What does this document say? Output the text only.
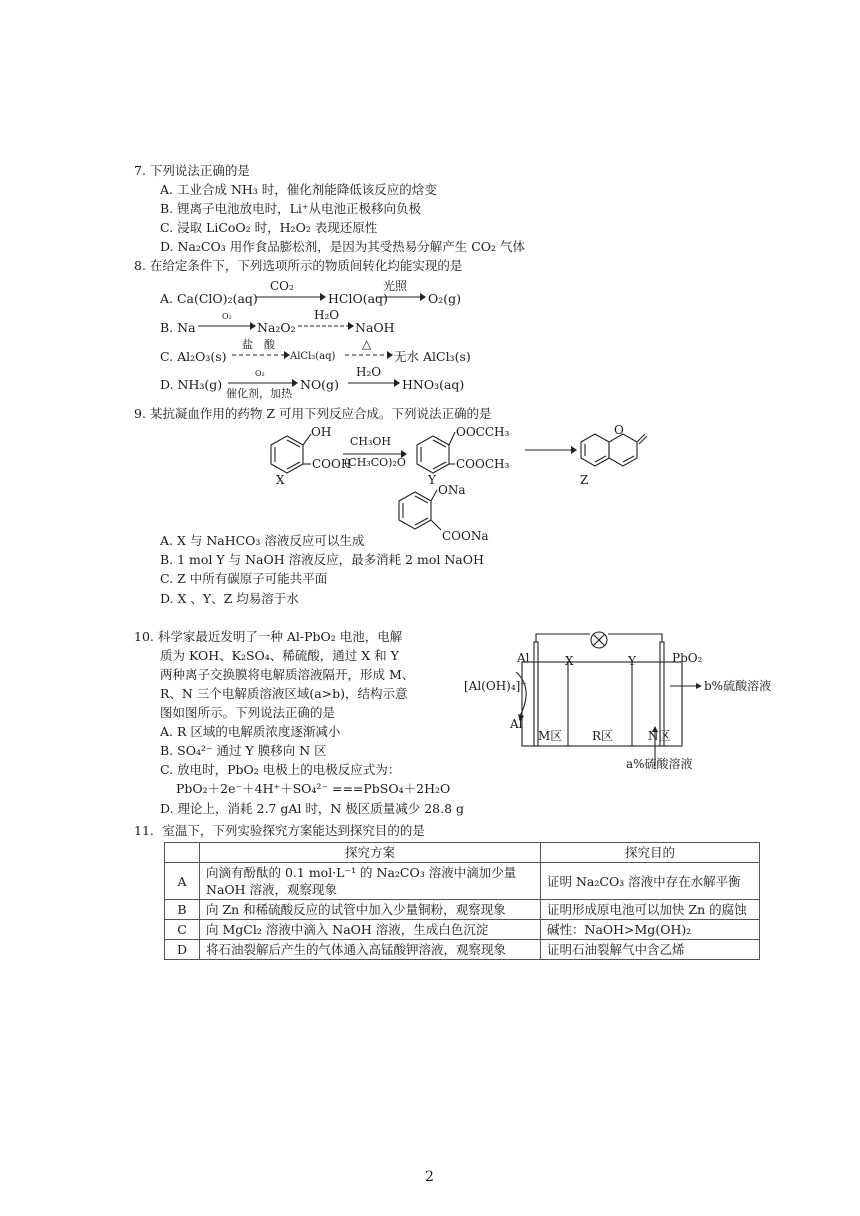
7. 下列说法正确的是
A. 工业合成 NH₃ 时，催化剂能降低该反应的焓变
B. 锂离子电池放电时，Li⁺从电池正极移向负极
C. 浸取 LiCoO₂ 时，H₂O₂ 表现还原性
D. Na₂CO₃ 用作食品膨松剂，是因为其受热易分解产生 CO₂ 气体
8. 在给定条件下，下列选项所示的物质间转化均能实现的是
A. Ca(ClO)₂(aq)
CO₂
HClO(aq)
光照
O₂(g)
B. Na
O₂
Na₂O₂
H₂O
NaOH
C. Al₂O₃(s)
盐　酸
AlCl₃(aq)
△
无水 AlCl₃(s)
D. NH₃(g)
O₂
催化剂，加热
NO(g)
H₂O
HNO₃(aq)
9. 某抗凝血作用的药物 Z 可用下列反应合成。下列说法正确的是
OH
COOH
X
CH₃OH
(CH₃CO)₂O
OOCCH₃
COOCH₃
Y
O
Z
ONa
COONa
A. X 与 NaHCO₃ 溶液反应可以生成
B. 1 mol Y 与 NaOH 溶液反应，最多消耗 2 mol NaOH
C. Z 中所有碳原子可能共平面
D. X 、Y、Z 均易溶于水
10. 科学家最近发明了一种 Al-PbO₂ 电池，电解
质为 KOH、K₂SO₄、稀硫酸，通过 X 和 Y
两种离子交换膜将电解质溶液隔开，形成 M、
R、N 三个电解质溶液区域(a>b)，结构示意
图如图所示。下列说法正确的是
A. R 区域的电解质浓度逐渐减小
B. SO₄²⁻ 通过 Y 膜移向 N 区
C. 放电时，PbO₂ 电极上的电极反应式为：
PbO₂＋2e⁻＋4H⁺＋SO₄²⁻ ===PbSO₄＋2H₂O
D. 理论上，消耗 2.7 gAl 时，N 极区质量减少 28.8 g
Al	X	Y	PbO₂
[Al(OH)₄]⁻	b%硫酸溶液
Al
M区 R区	N区
a%硫酸溶液
11．室温下，下列实验探究方案能达到探究目的的是
	探究方案	探究目的
A	向滴有酚酞的 0.1 mol·L⁻¹ 的 Na₂CO₃ 溶液中滴加少量 NaOH 溶液，观察现象	证明 Na₂CO₃ 溶液中存在水解平衡
B	向 Zn 和稀硫酸反应的试管中加入少量铜粉，观察现象	证明形成原电池可以加快 Zn 的腐蚀
C	向 MgCl₂ 溶液中滴入 NaOH 溶液，生成白色沉淀	碱性：NaOH>Mg(OH)₂
D	将石油裂解后产生的气体通入高锰酸钾溶液，观察现象	证明石油裂解气中含乙烯
2
